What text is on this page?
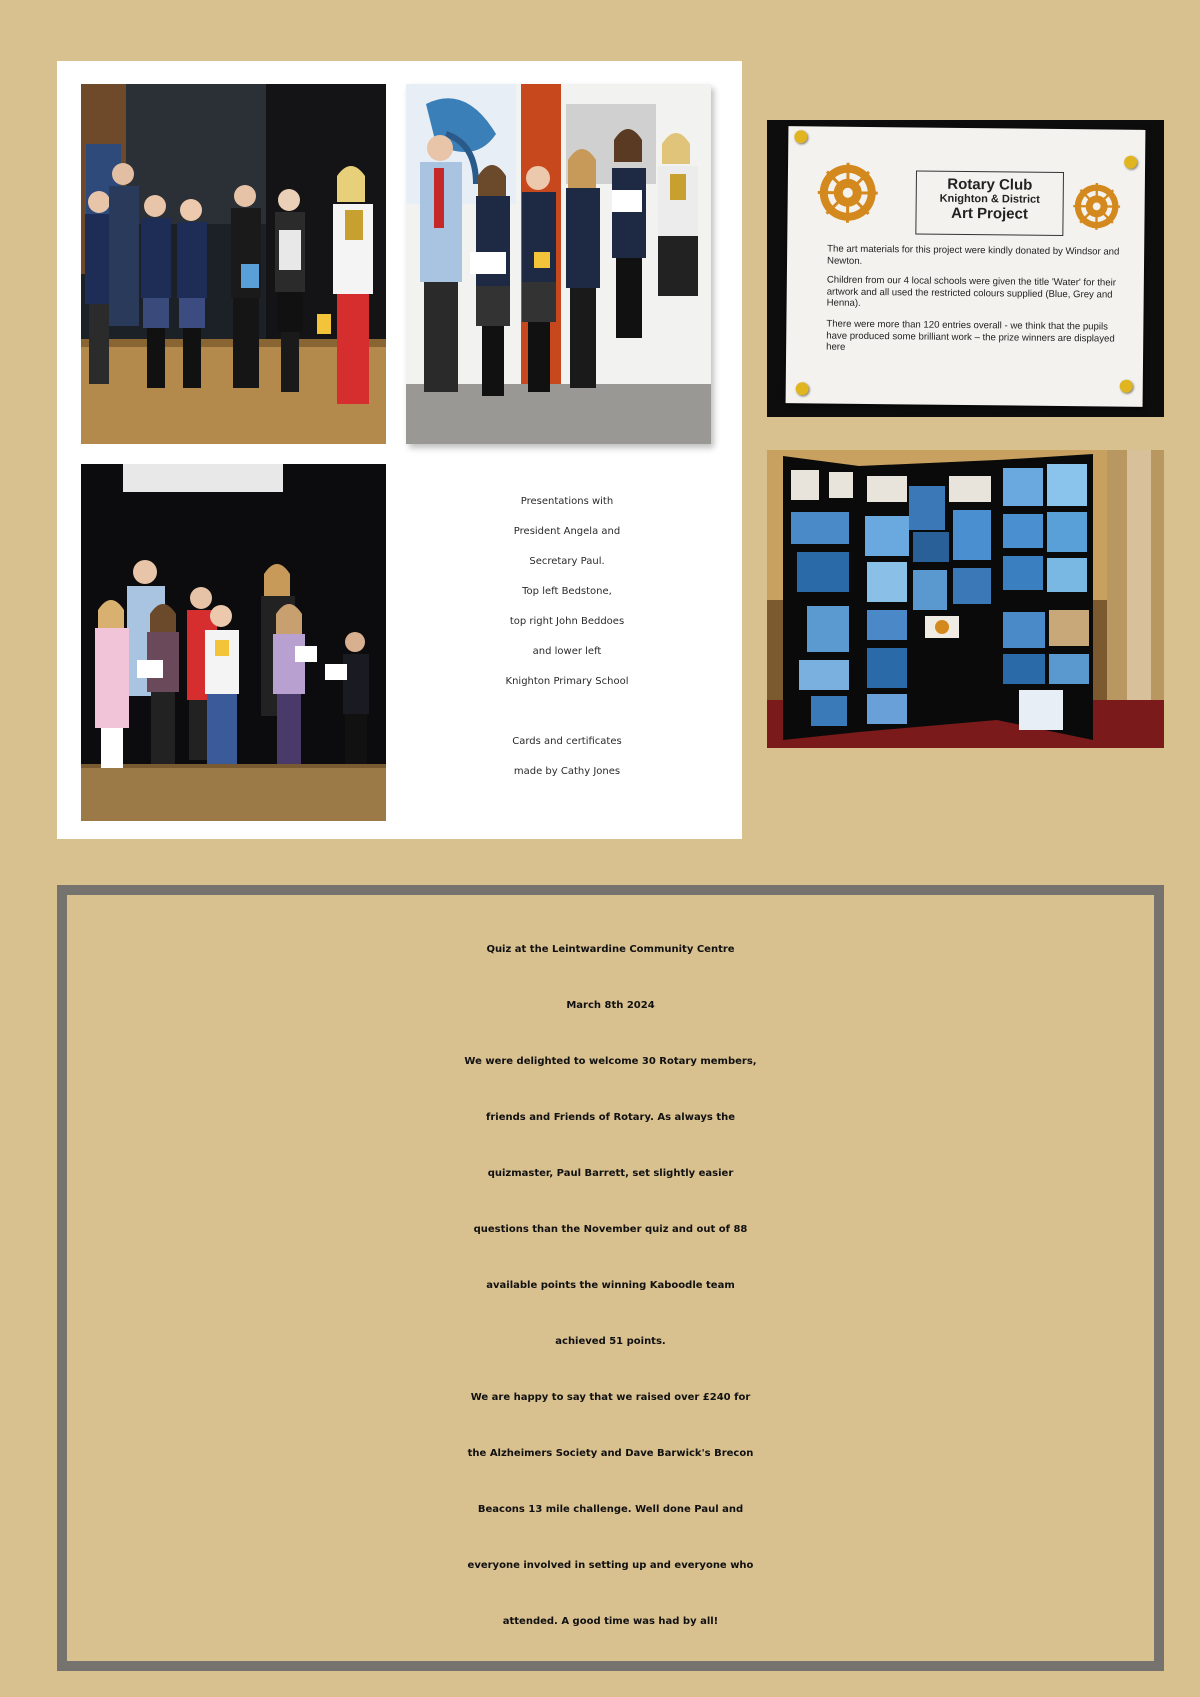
Presentations with
President Angela and
Secretary Paul.
Top left Bedstone,
top right John Beddoes
and lower left
Knighton Primary School
Cards and certificates
made by Cathy Jones
Rotary Club
Knighton & District
Art Project
The art materials for this project were kindly donated by Windsor and Newton.
Children from our 4 local schools were given the title 'Water' for their artwork and all used the restricted colours supplied (Blue, Grey and Henna).
There were more than 120 entries overall - we think that the pupils have produced some brilliant work – the prize winners are displayed here
Quiz at the Leintwardine Community Centre
March 8th 2024
We were delighted to welcome 30 Rotary members,
friends and Friends of Rotary. As always the
quizmaster, Paul Barrett, set slightly easier
questions than the November quiz and out of 88
available points the winning Kaboodle team
achieved 51 points.
We are happy to say that we raised over £240 for
the Alzheimers Society and Dave Barwick's Brecon
Beacons 13 mile challenge. Well done Paul and
everyone involved in setting up and everyone who
attended. A good time was had by all!
